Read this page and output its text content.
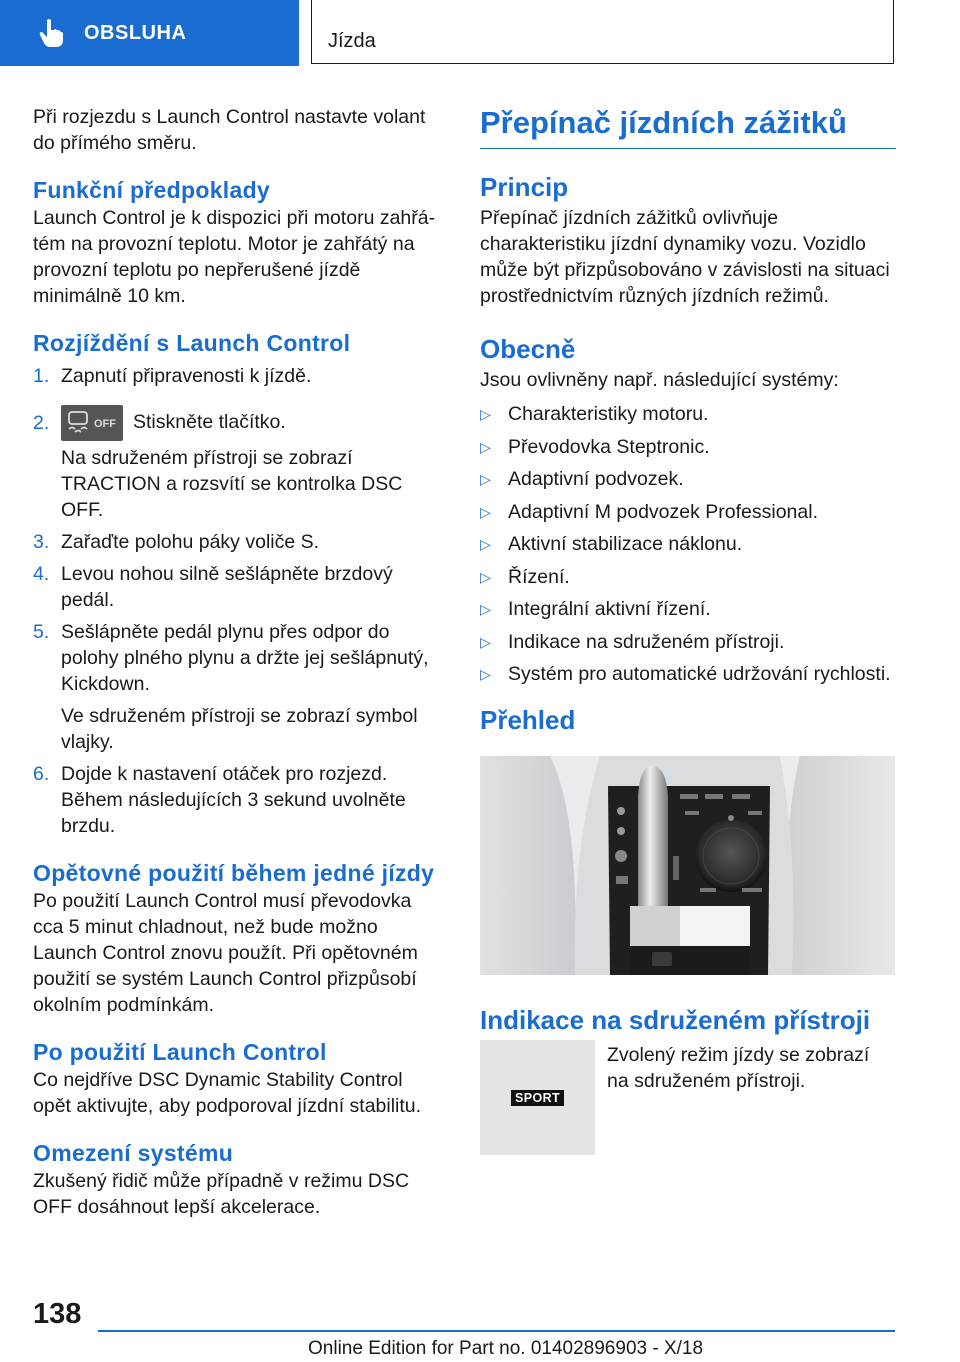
OBSLUHA	Jízda

Při rozjezdu s Launch Control nastavte volant do přímého směru.

Funkční předpoklady

Launch Control je k dispozici při motoru zahřátém na provozní teplotu. Motor je zahřátý na provozní teplotu po nepřerušené jízdě minimálně 10 km.

Rozjíždění s Launch Control
1. Zapnutí připravenosti k jízdě.
2.	OFF Stiskněte tlačítko.

Na sdruženém přístroji se zobrazí TRACTION a rozsvítí se kontrolka DSC OFF.

3. Zařaďte polohu páky voliče S.
4. Levou nohou silně sešlápněte brzdový pedál.
5. Sešlápněte pedál plynu přes odpor do polohy plného plynu a držte jej sešlápnutý, Kickdown.

Ve sdruženém přístroji se zobrazí symbol vlajky.

6. Dojde k nastavení otáček pro rozjezd. Během následujících 3 sekund uvolněte brzdu.
Opětovné použití během jedné jízdy

Po použití Launch Control musí převodovka cca 5 minut chladnout, než bude možno Launch Control znovu použít. Při opětovném použití se systém Launch Control přizpůsobí okolním podmínkám.

Po použití Launch Control

Co nejdříve DSC Dynamic Stability Control opět aktivujte, aby podporoval jízdní stabilitu.

Omezení systému

Zkušený řidič může případně v režimu DSC OFF dosáhnout lepší akcelerace.

Přepínač jízdních zážitků
Princip

Přepínač jízdních zážitků ovlivňuje charakteristiku jízdní dynamiky vozu. Vozidlo může být přizpůsobováno v závislosti na situaci prostřednictvím různých jízdních režimů.

Obecně

Jsou ovlivněny např. následující systémy:

▷ Charakteristiky motoru.
▷ Převodovka Steptronic.
▷ Adaptivní podvozek.
▷ Adaptivní M podvozek Professional.
▷ Aktivní stabilizace náklonu.
▷ Řízení.
▷ Integrální aktivní řízení.
▷ Indikace na sdruženém přístroji.
▷ Systém pro automatické udržování rychlosti.
Přehled
Indikace na sdruženém přístroji
SPORT

Zvolený režim jízdy se zobrazí na sdruženém přístroji.

138
Online Edition for Part no. 01402896903 - X/18
